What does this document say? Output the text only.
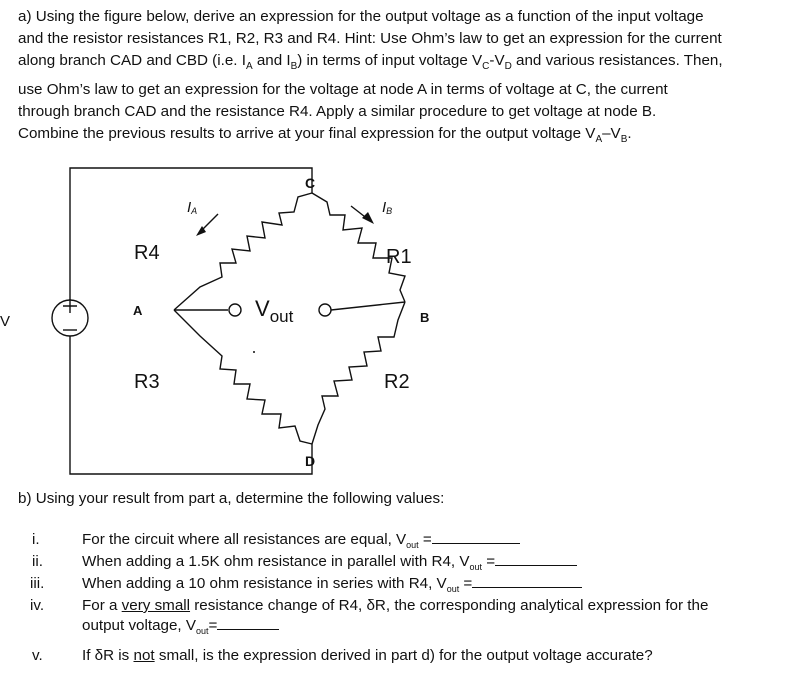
a) Using the figure below, derive an expression for the output voltage as a function of the input voltage
and the resistor resistances R1, R2, R3 and R4. Hint: Use Ohm’s law to get an expression for the current
along branch CAD and CBD (i.e. $I_A$ and $I_B$) in terms of input voltage $V_C-V_D$ and various resistances. Then,
use Ohm’s law to get an expression for the voltage at node A in terms of voltage at C, the current
through branch CAD and the resistance R4. Apply a similar procedure to get voltage at node B.
Combine the previous results to arrive at your final expression for the output voltage $V_A-V_B$.
C
D
A	B
R4	R1
R3	R2
IA	IB
V
$V_{out}$
b) Using your result from part a, determine the following values:
i.	For the circuit where all resistances are equal, $V_{out}$ =
ii.	When adding a 1.5K ohm resistance in parallel with R4, $V_{out}$ =
iii.	When adding a 10 ohm resistance in series with R4, $V_{out}$ =
iv.	For a very small resistance change of R4, δR, the corresponding analytical expression for the
output voltage, $V_{out}=$
v.	If δR is not small, is the expression derived in part d) for the output voltage accurate?
